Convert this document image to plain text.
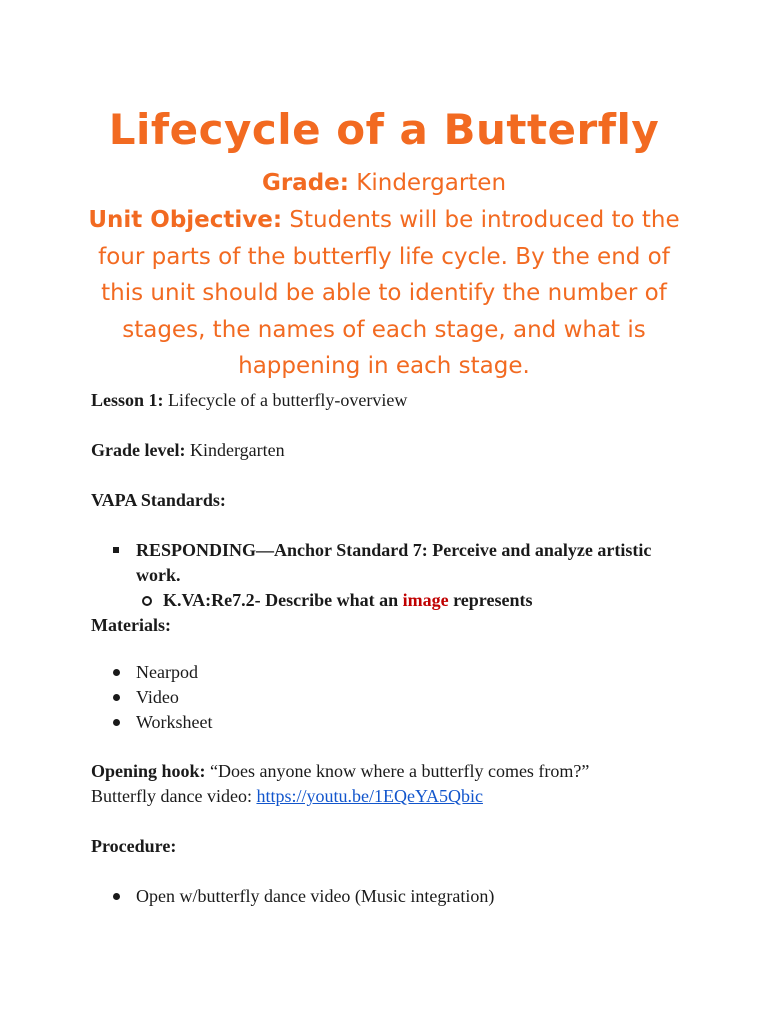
Lifecycle of a Butterfly
Grade: Kindergarten
Unit Objective: Students will be introduced to the four parts of the butterfly life cycle. By the end of this unit should be able to identify the number of stages, the names of each stage, and what is happening in each stage.
Lesson 1: Lifecycle of a butterfly-overview
Grade level: Kindergarten
VAPA Standards:
RESPONDING—Anchor Standard 7: Perceive and analyze artistic work.
K.VA:Re7.2- Describe what an image represents
Materials:
Nearpod
Video
Worksheet
Opening hook: “Does anyone know where a butterfly comes from?”
Butterfly dance video: https://youtu.be/1EQeYA5Qbic
Procedure:
Open w/butterfly dance video (Music integration)
